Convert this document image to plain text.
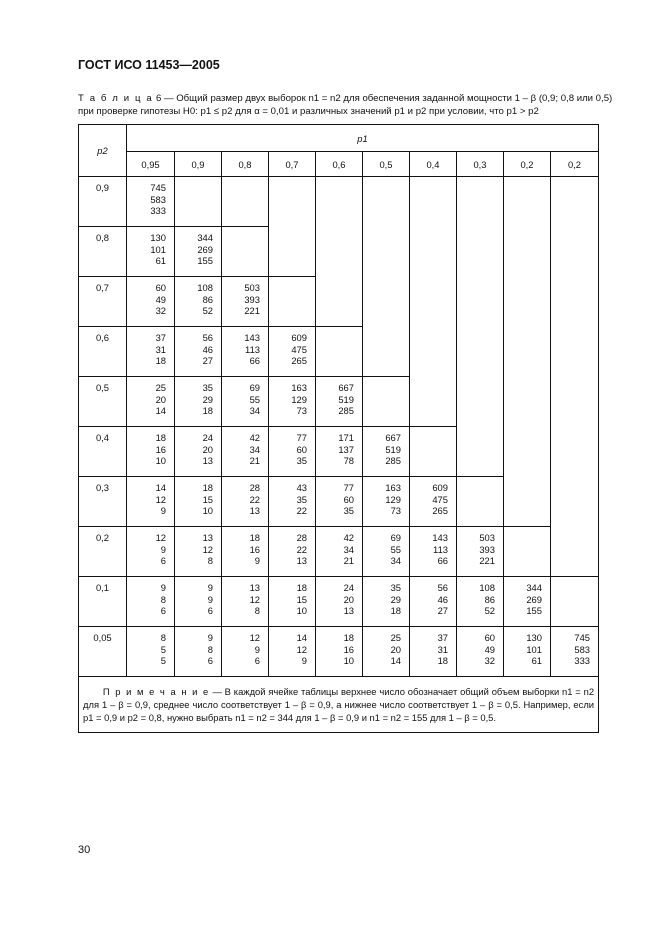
ГОСТ ИСО 11453—2005
Т а б л и ц а 6 — Общий размер двух выборок n1 = n2 для обеспечения заданной мощности 1 – β (0,9; 0,8 или 0,5) при проверке гипотезы H0: p1 ≤ p2 для α = 0,01 и различных значений p1 и p2 при условии, что p1 > p2
p2	p1									
	0,95	0,9	0,8	0,7	0,6	0,5	0,4	0,3	0,2	0,2
0,9	745
583
333									

0,8	130
101
61	344
269
155								

0,7	60
49
32	108
86
52	503
393
221							

0,6	37
31
18	56
46
27	143
113
66	609
475
265						

0,5	25
20
14	35
29
18	69
55
34	163
129
73	667
519
285					

0,4	18
16
10	24
20
13	42
34
21	77
60
35	171
137
78	667
519
285				

0,3	14
12
9	18
15
10	28
22
13	43
35
22	77
60
35	163
129
73	609
475
265			

0,2	12
9
6	13
12
8	18
16
9	28
22
13	42
34
21	69
55
34	143
113
66	503
393
221		

0,1	9
8
6	9
9
6	13
12
8	18
15
10	24
20
13	35
29
18	56
46
27	108
86
52	344
269
155	

0,05	8
5
5	9
8
6	12
9
6	14
12
9	18
16
10	25
20
14	37
31
18	60
49
32	130
101
61	745
583
333

П р и м е ч а н и е — В каждой ячейке таблицы верхнее число обозначает общий объем выборки n1 = n2 для 1 – β = 0,9, среднее число соответствует 1 – β = 0,9, а нижнее число соответствует 1 – β = 0,5. Например, если p1 = 0,9 и p2 = 0,8, нужно выбрать n1 = n2 = 344 для 1 – β = 0,9 и n1 = n2 = 155 для 1 – β = 0,5.										
30
